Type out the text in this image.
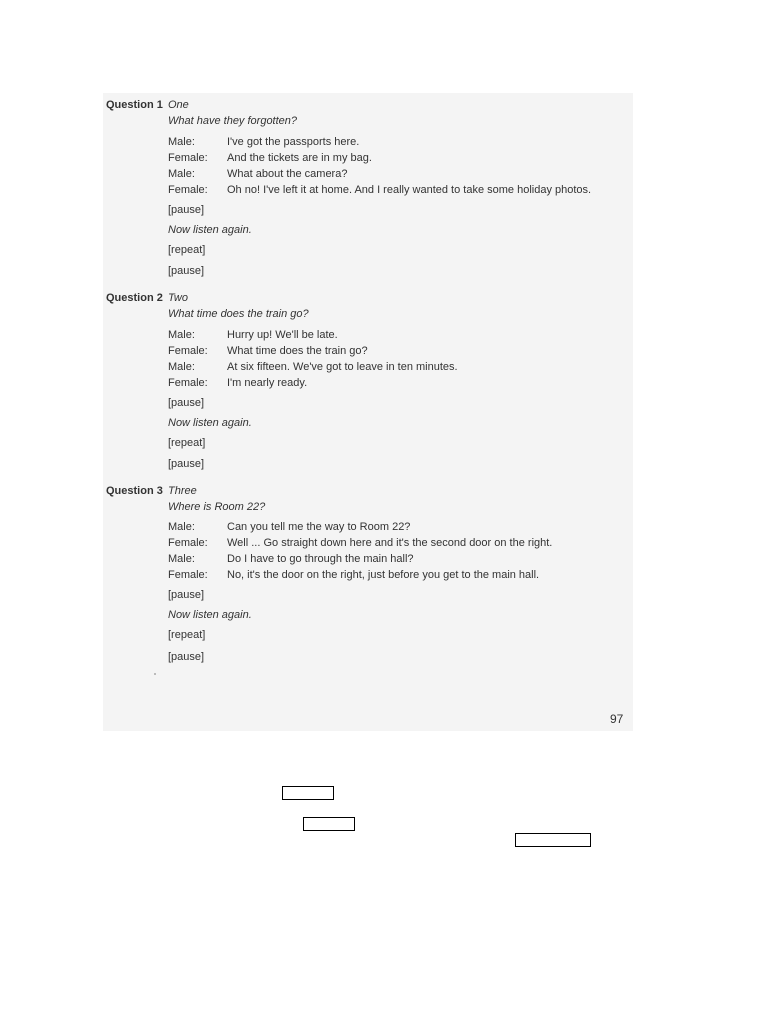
Question 1 One
What have they forgotten?
Male:	I've got the passports here.
Female: And the tickets are in my bag.
Male:	What about the camera?
Female: Oh no! I've left it at home. And I really wanted to take some holiday photos.
[pause]
Now listen again.
[repeat]
[pause]
Question 2 Two
What time does the train go?
Male:	Hurry up! We'll be late.
Female: What time does the train go?
Male:	At six fifteen. We've got to leave in ten minutes.
Female: I'm nearly ready.
[pause]
Now listen again.
[repeat]
[pause]
Question 3 Three
Where is Room 22?
Male:	Can you tell me the way to Room 22?
Female: Well ... Go straight down here and it's the second door on the right.
Male:	Do I have to go through the main hall?
Female: No, it's the door on the right, just before you get to the main hall.
[pause]
Now listen again.
[repeat]
[pause]
97
